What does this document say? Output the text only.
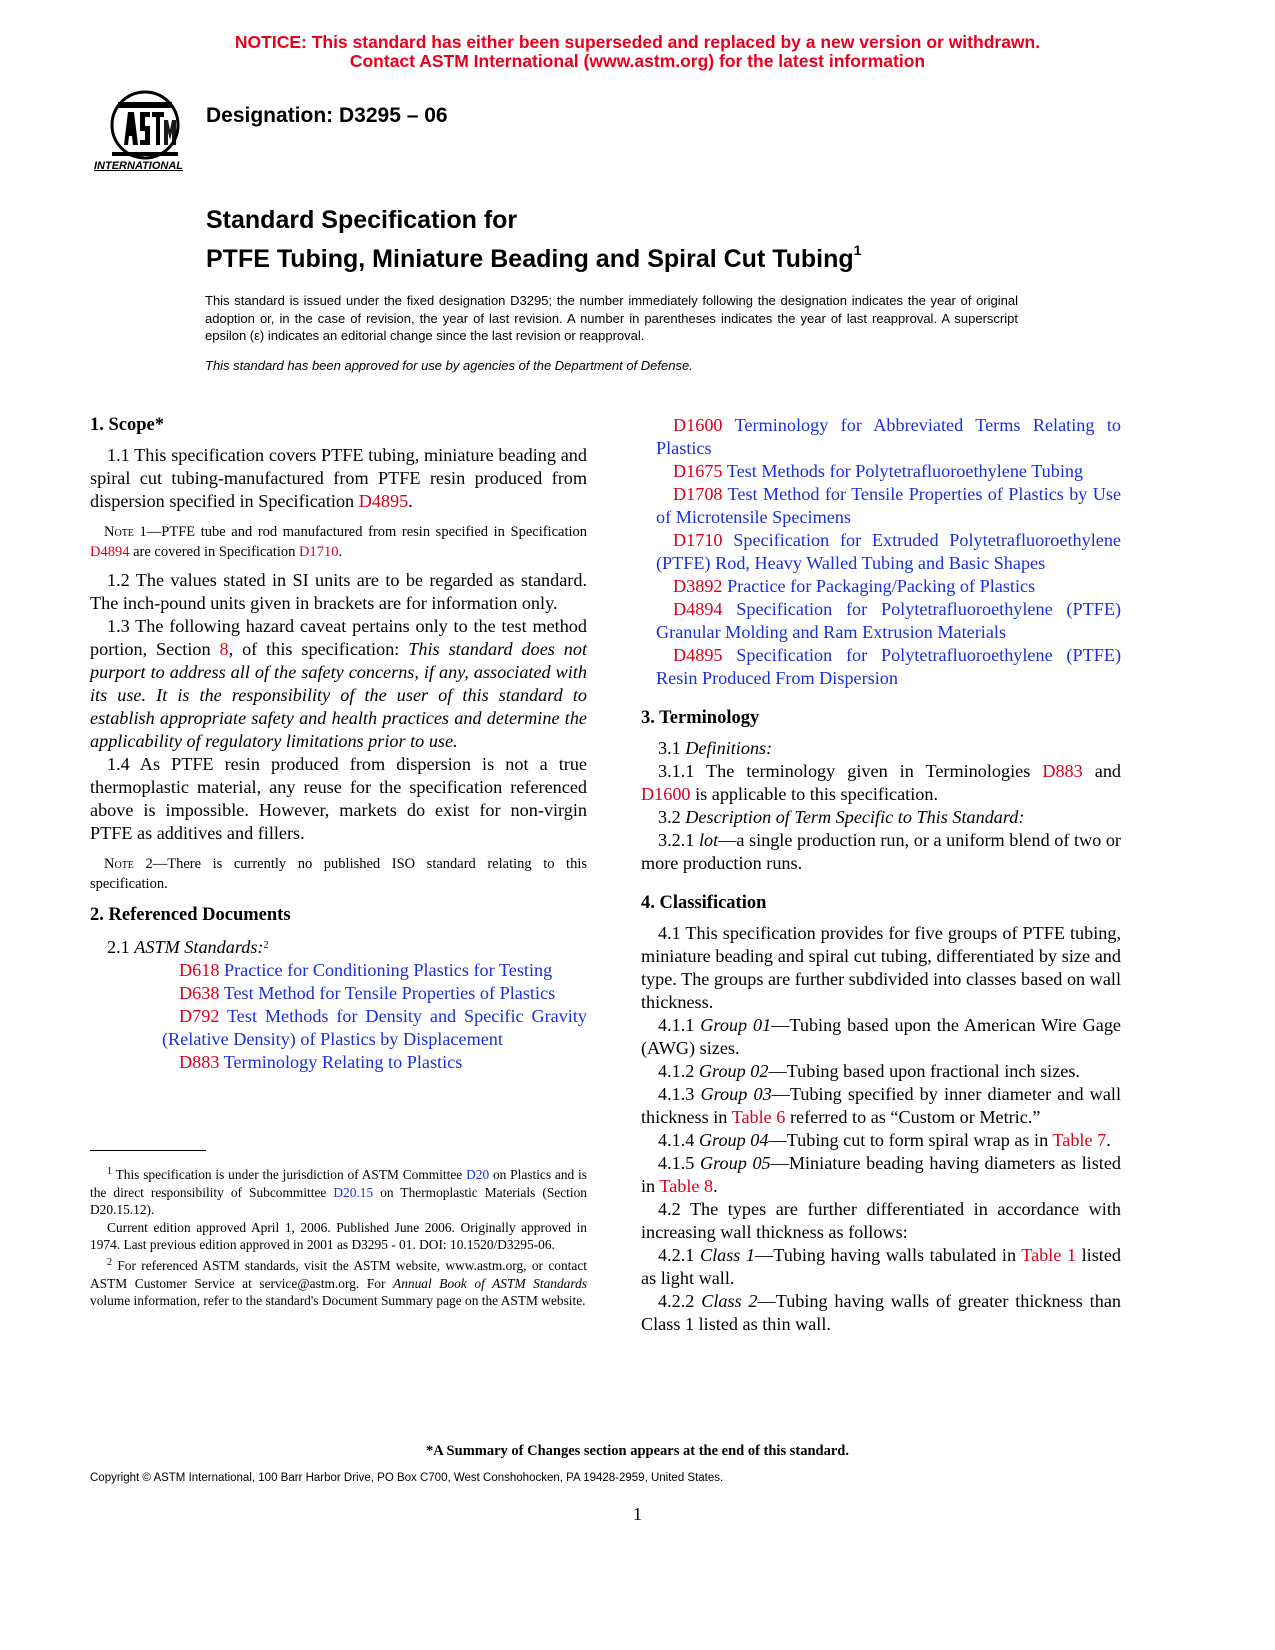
NOTICE: This standard has either been superseded and replaced by a new version or withdrawn.
Contact ASTM International (www.astm.org) for the latest information
INTERNATIONAL
Designation: D3295 – 06
Standard Specification for
PTFE Tubing, Miniature Beading and Spiral Cut Tubing$^1$
This standard is issued under the fixed designation D3295; the number immediately following the designation indicates the year of original adoption or, in the case of revision, the year of last revision. A number in parentheses indicates the year of last reapproval. A superscript epsilon (ε) indicates an editorial change since the last revision or reapproval.
This standard has been approved for use by agencies of the Department of Defense.
1. Scope*

1.1 This specification covers PTFE tubing, miniature beading and spiral cut tubing-manufactured from PTFE resin produced from dispersion specified in Specification D4895.

Note 1—PTFE tube and rod manufactured from resin specified in Specification D4894 are covered in Specification D1710.

1.2 The values stated in SI units are to be regarded as standard. The inch-pound units given in brackets are for information only.

1.3 The following hazard caveat pertains only to the test method portion, Section 8, of this specification: This standard does not purport to address all of the safety concerns, if any, associated with its use. It is the responsibility of the user of this standard to establish appropriate safety and health practices and determine the applicability of regulatory limitations prior to use.

1.4 As PTFE resin produced from dispersion is not a true thermoplastic material, any reuse for the specification referenced above is impossible. However, markets do exist for non-virgin PTFE as additives and fillers.

Note 2—There is currently no published ISO standard relating to this specification.

2. Referenced Documents

2.1 ASTM Standards:$^2$

D618 Practice for Conditioning Plastics for Testing

D638 Test Method for Tensile Properties of Plastics

D792 Test Methods for Density and Specific Gravity (Relative Density) of Plastics by Displacement

D883 Terminology Relating to Plastics

$^1$ This specification is under the jurisdiction of ASTM Committee D20 on Plastics and is the direct responsibility of Subcommittee D20.15 on Thermoplastic Materials (Section D20.15.12).

Current edition approved April 1, 2006. Published June 2006. Originally approved in 1974. Last previous edition approved in 2001 as D3295 - 01. DOI: 10.1520/D3295-06.

$^2$ For referenced ASTM standards, visit the ASTM website, www.astm.org, or contact ASTM Customer Service at service@astm.org. For Annual Book of ASTM Standards volume information, refer to the standard's Document Summary page on the ASTM website.

D1600 Terminology for Abbreviated Terms Relating to Plastics

D1675 Test Methods for Polytetrafluoroethylene Tubing

D1708 Test Method for Tensile Properties of Plastics by Use of Microtensile Specimens

D1710 Specification for Extruded Polytetrafluoroethylene (PTFE) Rod, Heavy Walled Tubing and Basic Shapes

D3892 Practice for Packaging/Packing of Plastics

D4894 Specification for Polytetrafluoroethylene (PTFE) Granular Molding and Ram Extrusion Materials

D4895 Specification for Polytetrafluoroethylene (PTFE) Resin Produced From Dispersion

3. Terminology

3.1 Definitions:

3.1.1 The terminology given in Terminologies D883 and D1600 is applicable to this specification.

3.2 Description of Term Specific to This Standard:

3.2.1 lot—a single production run, or a uniform blend of two or more production runs.

4. Classification

4.1 This specification provides for five groups of PTFE tubing, miniature beading and spiral cut tubing, differentiated by size and type. The groups are further subdivided into classes based on wall thickness.

4.1.1 Group 01—Tubing based upon the American Wire Gage (AWG) sizes.

4.1.2 Group 02—Tubing based upon fractional inch sizes.

4.1.3 Group 03—Tubing specified by inner diameter and wall thickness in Table 6 referred to as “Custom or Metric.”

4.1.4 Group 04—Tubing cut to form spiral wrap as in Table 7.

4.1.5 Group 05—Miniature beading having diameters as listed in Table 8.

4.2 The types are further differentiated in accordance with increasing wall thickness as follows:

4.2.1 Class 1—Tubing having walls tabulated in Table 1 listed as light wall.

4.2.2 Class 2—Tubing having walls of greater thickness than Class 1 listed as thin wall.

*A Summary of Changes section appears at the end of this standard.
Copyright © ASTM International, 100 Barr Harbor Drive, PO Box C700, West Conshohocken, PA 19428-2959, United States.
1
